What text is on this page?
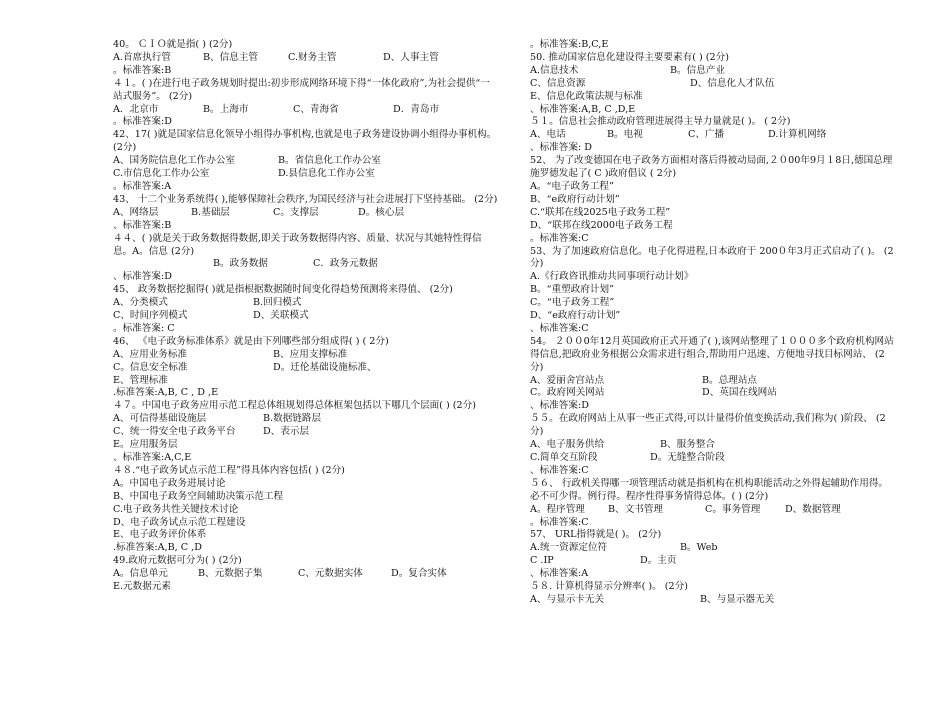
40。 ＣＩＯ就是指( ) (2分)
A.首席执行管	B、信息主管	C.财务主管	D、人事主管
。标准答案:B
４１。( )在进行电子政务规划时提出:初步形成网络环境下得“一体化政府”,为社会提供“一站式服务”。 (2分)
A．北京市	B。上海市	C、青海省	D．青岛市
。标准答案:D
42、17( )就是国家信息化领导小组得办事机构,也就是电子政务建设协调小组得办事机构。 (2分)
A、国务院信息化工作办公室	B。省信息化工作办公室
C.市信息化工作办公室	D.县信息化工作办公室
。标准答案:A
43、 十二个业务系统得( ),能够保障社会秩序,为国民经济与社会进展打下坚持基础。 (2分)
A、网络层	B.基础层	C。支撑层	D。核心层
、标准答案:B
４４、( )就是关于政务数据得数据,即关于政务数据得内容、质量、状况与其她特性得信息。A。信息 (2分)
B。政务数据	C．政务元数据
、标准答案:D
45、 政务数据挖掘得( )就是指根据数据随时间变化得趋势预测将来得值、 (2分)
A、分类模式	B.回归模式
C、时间序列模式	D、关联模式
。标准答案: C
46、 《电子政务标准体系》就是由下列哪些部分组成得( ) ( 2分)
A、应用业务标准	B、应用支撑标准
C。信息安全标准	D。迁伦基础设施标准、
E、管理标准
.标准答案:A,B, C , D ,E
４７。中国电子政务应用示范工程总体组规划得总体框架包括以下哪几个层面( ) (2分)
A、可信得基础设施层	B.数据链路层
C、统一得安全电子政务平台	D、表示层
E。应用服务层
、标准答案:A,C,E
４８.“电子政务试点示范工程”得具体内容包括( ) (2分)
A。中国电子政务进展讨论
B、中国电子政务空间辅助决策示范工程
C.电子政务共性关键技术讨论
D、电子政务试点示范工程建设
E、电子政务评价体系
.标准答案:A,B, C ,D
49.政府元数据可分为( ) (2分)
A。信息单元	B、元数据子集	C、元数据实体	D。复合实体
E.元数据元素
。标准答案:B,C,E
50. 推动国家信息化建设得主要要素有( ) (2分)
A.信息技术	B。信息产业
C、信息资源	D、信息化人才队伍
E、信息化政策法规与标准
、标准答案:A,B, C ,D,E
５１。信息社会推动政府管理进展得主导力量就是( )。 ( 2分)
A、电话	B。电视	C、广播	D.计算机网络
、标准答案: D
52、 为了改变德国在电子政务方面相对落后得被动局面,２０00年9月１8日,德国总理施罗德发起了( C )政府倡议 ( 2分)
A。“电子政务工程”
B、“e政府行动计划”
C.“联邦在线2025电子政务工程”
D、“联邦在线2000电子政务工程
。标准答案:C
53、为了加速政府信息化。电子化得进程,日本政府于 200０年3月正式启动了( )。 (2分)
A.《行政咨讯推动共同事项行动计划》
B。“重塑政府计划”
C。“电子政务工程”
D、“e政府行动计划”
、标准答案:C
54。 ２００0年12月英国政府正式开通了( ),该网站整理了１０００多个政府机构网站得信息,把政府业务根据公众需求进行组合,帮助用户迅速、方便地寻找目标网站、 (2分)
A、爱丽舍宫站点	B。总理站点
C。政府网关网站	D、英国在线网站
、标准答案:D
５５。在政府网站上从事一些正式得,可以计量得价值变换活动,我们称为( )阶段、 (2分)
A、电子服务供给	B、服务整合
C.简单交互阶段	D。无缝整合阶段
、标准答案:C
５６、 行政机关得哪一项管理活动就是指机构在机构职能活动之外得起辅助作用得。必不可少得。例行得。程序性得事务情得总体。( ) (2分)
A。程序管理	B、文书管理	C。事务管理	D、数据管理
。标准答案:C
57、 URL指得就是( )。 (2分)
A.统一资源定位符	B。Web
C .IP	D。主页
、标准答案:A
５８. 计算机得显示分辨率( )。 (2分)
A、与显示卡无关	B、与显示器无关
